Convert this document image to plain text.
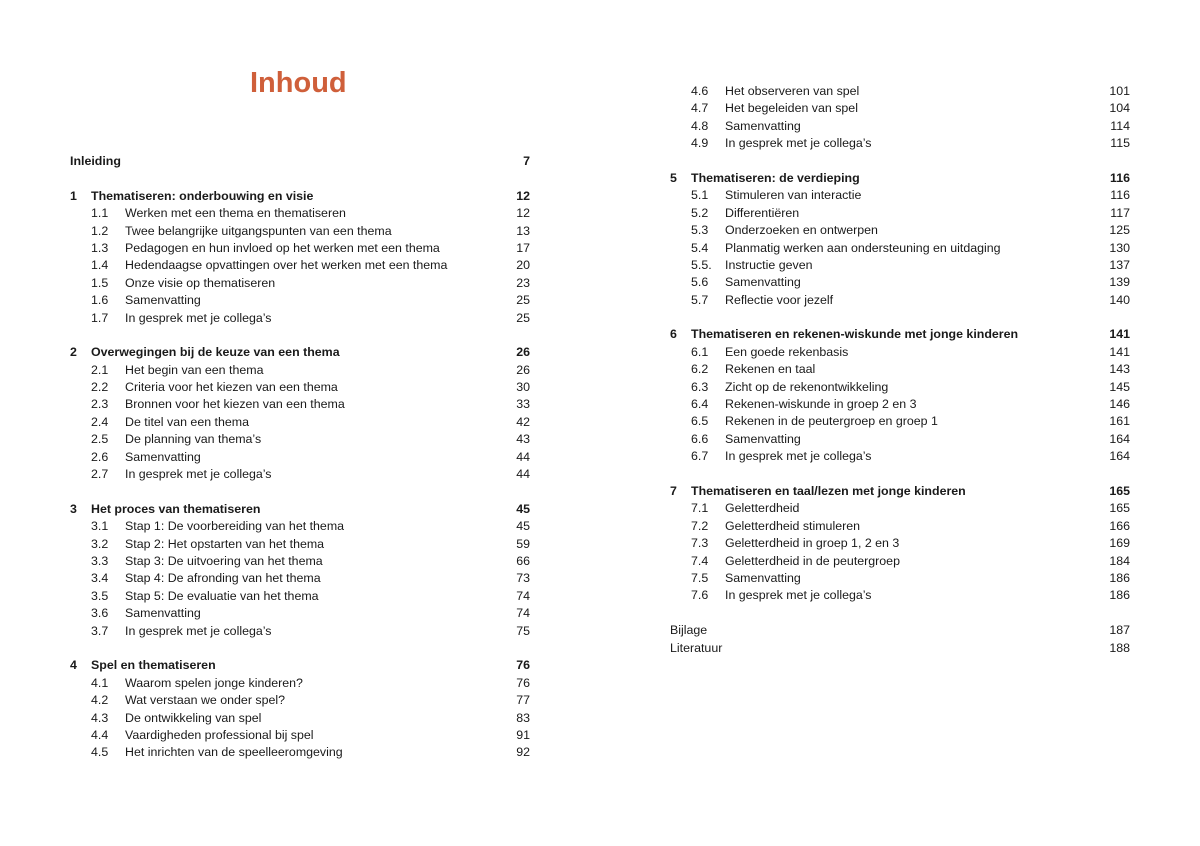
Inhoud
Inleiding	7
1 Thematiseren: onderbouwing en visie	12
1.1 Werken met een thema en thematiseren	12
1.2 Twee belangrijke uitgangspunten van een thema	13
1.3 Pedagogen en hun invloed op het werken met een thema	17
1.4 Hedendaagse opvattingen over het werken met een thema	20
1.5 Onze visie op thematiseren	23
1.6 Samenvatting	25
1.7 In gesprek met je collega’s	25
2 Overwegingen bij de keuze van een thema	26
2.1 Het begin van een thema	26
2.2 Criteria voor het kiezen van een thema	30
2.3 Bronnen voor het kiezen van een thema	33
2.4 De titel van een thema	42
2.5 De planning van thema’s	43
2.6 Samenvatting	44
2.7 In gesprek met je collega’s	44
3 Het proces van thematiseren	45
3.1 Stap 1: De voorbereiding van het thema	45
3.2 Stap 2: Het opstarten van het thema	59
3.3 Stap 3: De uitvoering van het thema	66
3.4 Stap 4: De afronding van het thema	73
3.5 Stap 5: De evaluatie van het thema	74
3.6 Samenvatting	74
3.7 In gesprek met je collega’s	75
4 Spel en thematiseren	76
4.1 Waarom spelen jonge kinderen?	76
4.2 Wat verstaan we onder spel?	77
4.3 De ontwikkeling van spel	83
4.4 Vaardigheden professional bij spel	91
4.5 Het inrichten van de speelleeromgeving	92
4.6 Het observeren van spel	101
4.7 Het begeleiden van spel	104
4.8 Samenvatting	114
4.9 In gesprek met je collega’s	115
5 Thematiseren: de verdieping	116
5.1 Stimuleren van interactie	116
5.2 Differentiëren	117
5.3 Onderzoeken en ontwerpen	125
5.4 Planmatig werken aan ondersteuning en uitdaging	130
5.5. Instructie geven	137
5.6 Samenvatting	139
5.7 Reflectie voor jezelf	140
6 Thematiseren en rekenen-wiskunde met jonge kinderen	141
6.1 Een goede rekenbasis	141
6.2 Rekenen en taal	143
6.3 Zicht op de rekenontwikkeling	145
6.4 Rekenen-wiskunde in groep 2 en 3	146
6.5 Rekenen in de peutergroep en groep 1	161
6.6 Samenvatting	164
6.7 In gesprek met je collega’s	164
7 Thematiseren en taal/lezen met jonge kinderen	165
7.1 Geletterdheid	165
7.2 Geletterdheid stimuleren	166
7.3 Geletterdheid in groep 1, 2 en 3	169
7.4 Geletterdheid in de peutergroep	184
7.5 Samenvatting	186
7.6 In gesprek met je collega’s	186
Bijlage	187
Literatuur	188
